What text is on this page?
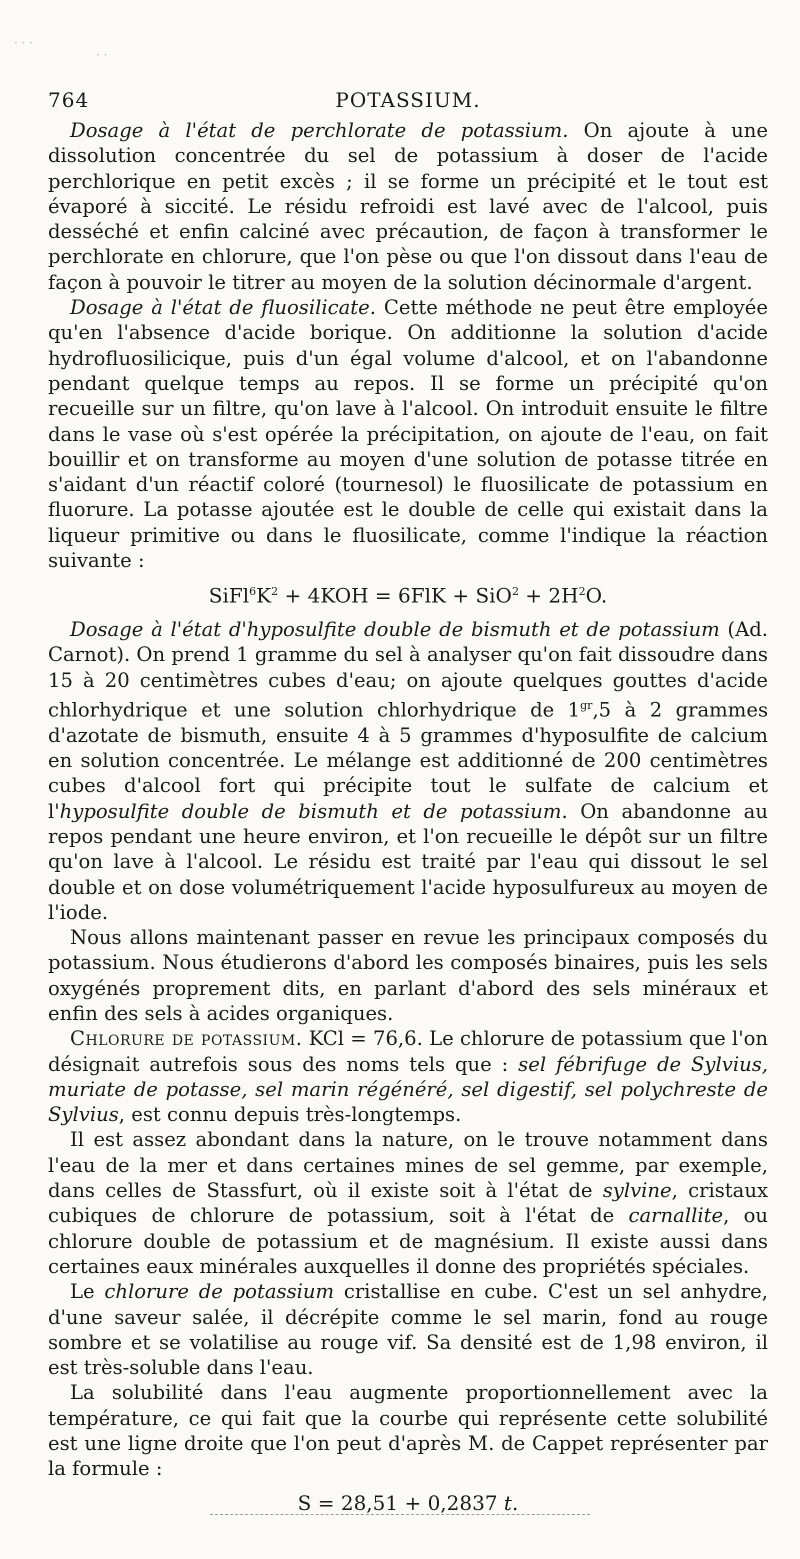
· · ·
· ·
764	POTASSIUM.

Dosage à l'état de perchlorate de potassium. On ajoute à une dissolution concentrée du sel de potassium à doser de l'acide perchlorique en petit excès ; il se forme un précipité et le tout est évaporé à siccité. Le résidu refroidi est lavé avec de l'alcool, puis desséché et enfin calciné avec précaution, de façon à transformer le perchlorate en chlorure, que l'on pèse ou que l'on dissout dans l'eau de façon à pouvoir le titrer au moyen de la solution décinormale d'argent.

Dosage à l'état de fluosilicate. Cette méthode ne peut être employée qu'en l'absence d'acide borique. On additionne la solution d'acide hydrofluosilicique, puis d'un égal volume d'alcool, et on l'abandonne pendant quelque temps au repos. Il se forme un précipité qu'on recueille sur un filtre, qu'on lave à l'alcool. On introduit ensuite le filtre dans le vase où s'est opérée la précipitation, on ajoute de l'eau, on fait bouillir et on transforme au moyen d'une solution de potasse titrée en s'aidant d'un réactif coloré (tournesol) le fluosilicate de potassium en fluorure. La potasse ajoutée est le double de celle qui existait dans la liqueur primitive ou dans le fluosilicate, comme l'indique la réaction suivante :

$SiFl^6K^2 + 4KOH = 6FlK + SiO^2 + 2H^2O$.

Dosage à l'état d'hyposulfite double de bismuth et de potassium (Ad. Carnot). On prend 1 gramme du sel à analyser qu'on fait dissoudre dans 15 à 20 centimètres cubes d'eau; on ajoute quelques gouttes d'acide chlorhydrique et une solution chlorhydrique de $1^{gr},5$ à 2 grammes d'azotate de bismuth, ensuite 4 à 5 grammes d'hyposulfite de calcium en solution concentrée. Le mélange est additionné de 200 centimètres cubes d'alcool fort qui précipite tout le sulfate de calcium et l'hyposulfite double de bismuth et de potassium. On abandonne au repos pendant une heure environ, et l'on recueille le dépôt sur un filtre qu'on lave à l'alcool. Le résidu est traité par l'eau qui dissout le sel double et on dose volumétriquement l'acide hyposulfureux au moyen de l'iode.

Nous allons maintenant passer en revue les principaux composés du potassium. Nous étudierons d'abord les composés binaires, puis les sels oxygénés proprement dits, en parlant d'abord des sels minéraux et enfin des sels à acides organiques.

Chlorure de potassium. KCl = 76,6. Le chlorure de potassium que l'on désignait autrefois sous des noms tels que : sel fébrifuge de Sylvius, muriate de potasse, sel marin régénéré, sel digestif, sel polychreste de Sylvius, est connu depuis très-longtemps.

Il est assez abondant dans la nature, on le trouve notamment dans l'eau de la mer et dans certaines mines de sel gemme, par exemple, dans celles de Stassfurt, où il existe soit à l'état de sylvine, cristaux cubiques de chlorure de potassium, soit à l'état de carnallite, ou chlorure double de potassium et de magnésium. Il existe aussi dans certaines eaux minérales auxquelles il donne des propriétés spéciales.

Le chlorure de potassium cristallise en cube. C'est un sel anhydre, d'une saveur salée, il décrépite comme le sel marin, fond au rouge sombre et se volatilise au rouge vif. Sa densité est de 1,98 environ, il est très-soluble dans l'eau.

La solubilité dans l'eau augmente proportionnellement avec la température, ce qui fait que la courbe qui représente cette solubilité est une ligne droite que l'on peut d'après M. de Cappet représenter par la formule :

S = 28,51 + 0,2837 t.
